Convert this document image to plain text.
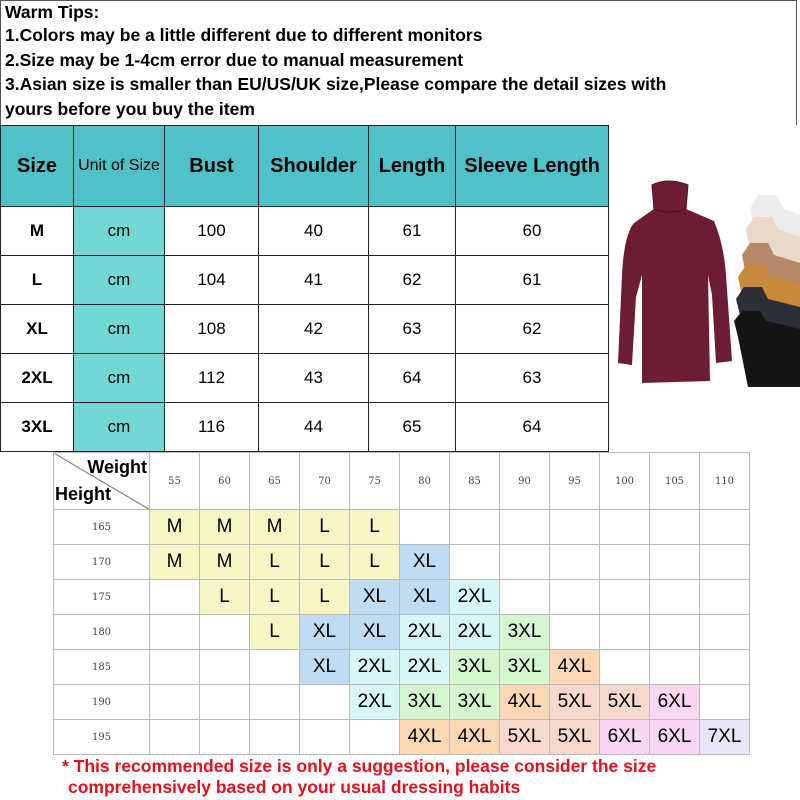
Warm Tips:
1.Colors may be a little different due to different monitors
2.Size may be 1-4cm error due to manual measurement
3.Asian size is smaller than EU/US/UK size,Please compare the detail sizes with
yours before you buy the item
Size	Unit of Size	Bust	Shoulder	Length	Sleeve Length
M	cm	100	40	61	60
L	cm	104	41	62	61
XL	cm	108	42	63	62
2XL	cm	112	43	64	63
3XL	cm	116	44	65	64
Weight
Height	55	60	65	70	75	80	85	90	95	100	105	110
165	M	M	M	L	L							
170	M	M	L	L	L	XL						
175		L	L	L	XL	XL	2XL					
180			L	XL	XL	2XL	2XL	3XL				
185				XL	2XL	2XL	3XL	3XL	4XL			
190					2XL	3XL	3XL	4XL	5XL	5XL	6XL	
195						4XL	4XL	5XL	5XL	6XL	6XL	7XL
* This recommended size is only a suggestion, please consider the size
comprehensively based on your usual dressing habits
